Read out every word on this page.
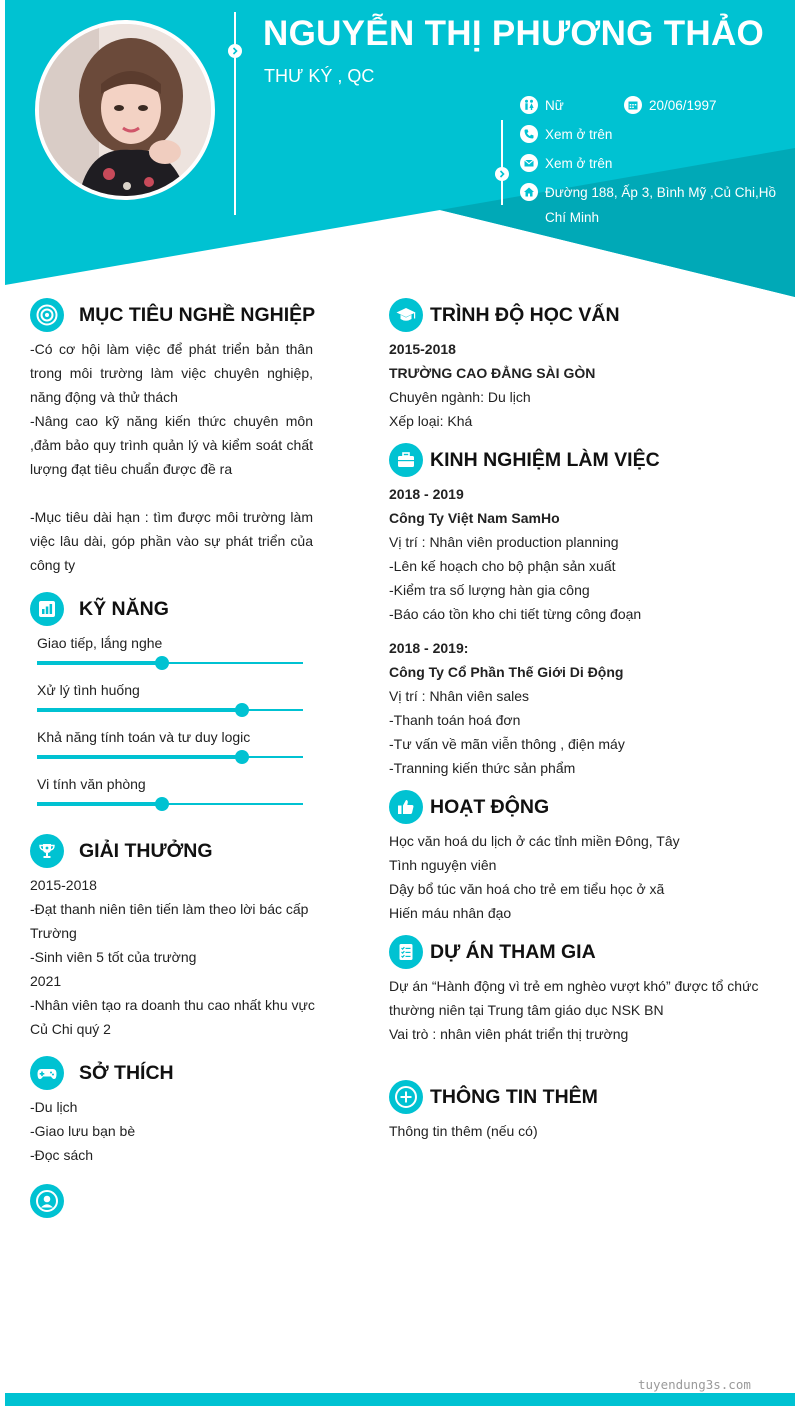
NGUYỄN THỊ PHƯƠNG THẢO
THƯ KÝ , QC
Nữ	20/06/1997
Xem ở trên
Xem ở trên
Đường 188, Ấp 3, Bình Mỹ ,Củ Chi,Hồ
Chí Minh
MỤC TIÊU NGHỀ NGHIỆP

-Có cơ hội làm việc để phát triển bản thân

trong môi trường làm việc chuyên nghiệp,

năng động và thử thách

-Nâng cao kỹ năng kiến thức chuyên môn

,đảm bảo quy trình quản lý và kiểm soát chất

lượng đạt tiêu chuẩn được đề ra

-Mục tiêu dài hạn : tìm được môi trường làm

việc lâu dài, góp phần vào sự phát triển của

công ty

KỸ NĂNG
Giao tiếp, lắng nghe
Xử lý tình huống
Khả năng tính toán và tư duy logic
Vi tính văn phòng
GIẢI THƯỞNG

2015-2018

-Đạt thanh niên tiên tiến làm theo lời bác cấp

Trường

-Sinh viên 5 tốt của trường

2021

-Nhân viên tạo ra doanh thu cao nhất khu vực

Củ Chi quý 2

SỞ THÍCH

-Du lịch

-Giao lưu bạn bè

-Đọc sách

TRÌNH ĐỘ HỌC VẤN

2015-2018

TRƯỜNG CAO ĐẲNG SÀI GÒN

Chuyên ngành: Du lịch

Xếp loại: Khá

KINH NGHIỆM LÀM VIỆC

2018 - 2019

Công Ty Việt Nam SamHo

Vị trí : Nhân viên production planning

-Lên kế hoạch cho bộ phận sản xuất

-Kiểm tra số lượng hàn gia công

-Báo cáo tồn kho chi tiết từng công đoạn

2018 - 2019:

Công Ty Cổ Phần Thế Giới Di Động

Vị trí : Nhân viên sales

-Thanh toán hoá đơn

-Tư vấn về mãn viễn thông , điện máy

-Tranning kiến thức sản phẩm

HOẠT ĐỘNG

Học văn hoá du lịch ở các tỉnh miền Đông, Tây

Tình nguyện viên

Dậy bổ túc văn hoá cho trẻ em tiểu học ở xã

Hiến máu nhân đạo

DỰ ÁN THAM GIA

Dự án “Hành động vì trẻ em nghèo vượt khó” được tổ chức

thường niên tại Trung tâm giáo dục NSK BN

Vai trò : nhân viên phát triển thị trường

THÔNG TIN THÊM

Thông tin thêm (nếu có)

tuyendung3s.com
